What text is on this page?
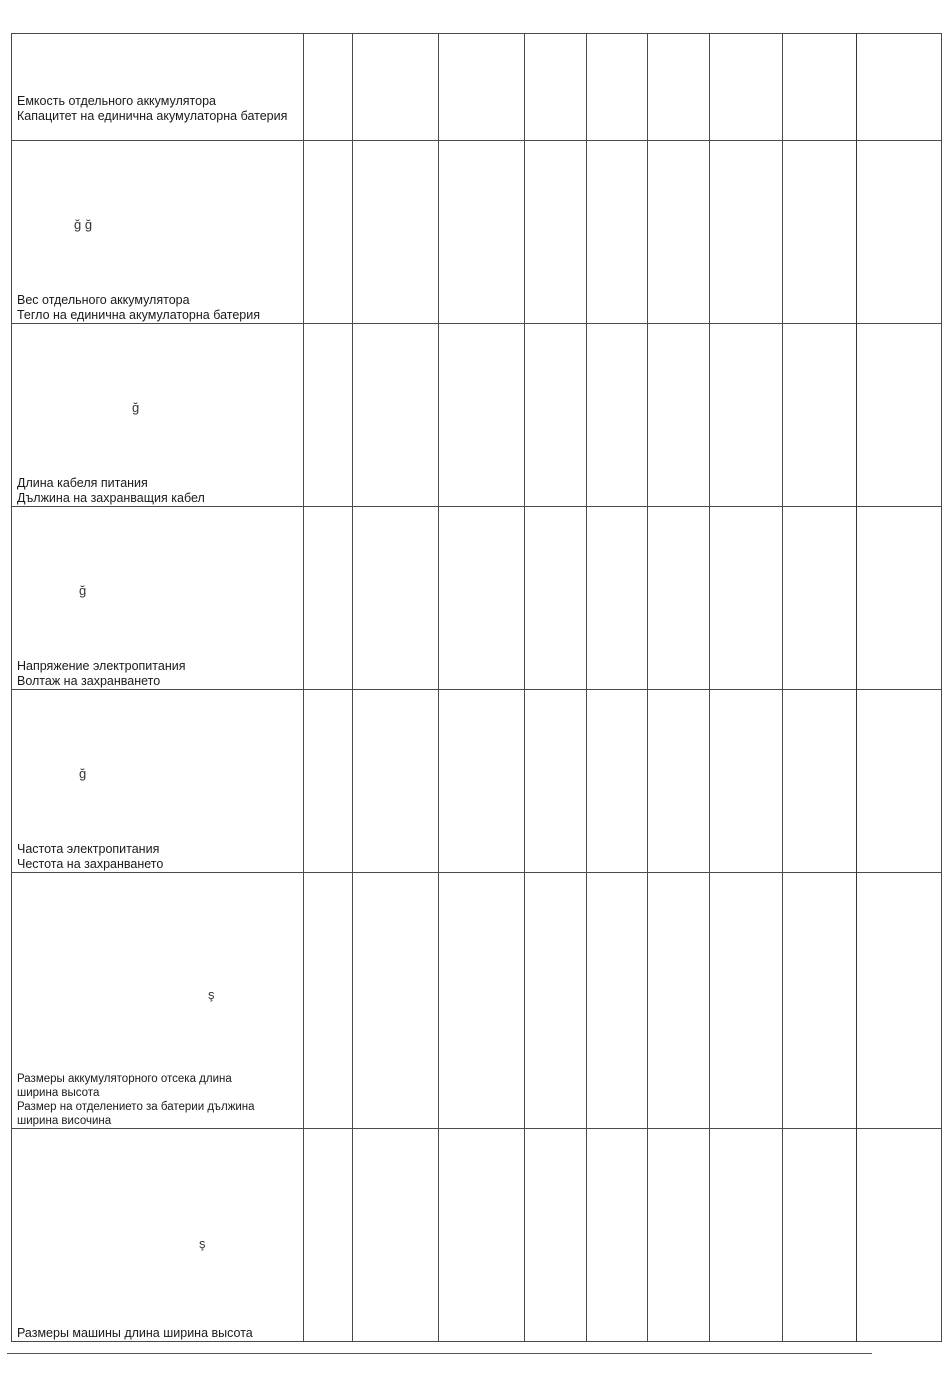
Емкость отдельного аккумулятора
Капацитет на единична акумулаторна батерия
ğ ğ
Вес отдельного аккумулятора
Тегло на единична акумулаторна батерия
ğ
Длина кабеля питания
Дължина на захранващия кабел
ğ
Напряжение электропитания
Волтаж на захранването
ğ
Частота электропитания
Честота на захранването
ş
Размеры аккумуляторного отсека длина ширина высота
Размер на отделението за батерии дължина ширина височина
ş
Размеры машины длина ширина высота
